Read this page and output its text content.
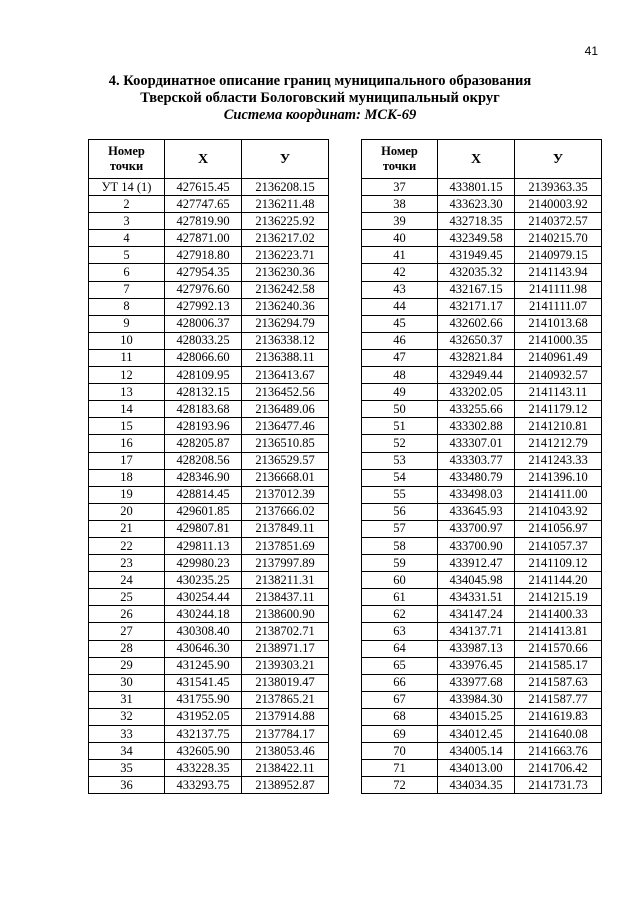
41
4. Координатное описание границ муниципального образования
Тверской области Бологовский муниципальный округ
Система координат: МСК-69
Номер
точки	X	У
УТ 14 (1)	427615.45	2136208.15
2	427747.65	2136211.48
3	427819.90	2136225.92
4	427871.00	2136217.02
5	427918.80	2136223.71
6	427954.35	2136230.36
7	427976.60	2136242.58
8	427992.13	2136240.36
9	428006.37	2136294.79
10	428033.25	2136338.12
11	428066.60	2136388.11
12	428109.95	2136413.67
13	428132.15	2136452.56
14	428183.68	2136489.06
15	428193.96	2136477.46
16	428205.87	2136510.85
17	428208.56	2136529.57
18	428346.90	2136668.01
19	428814.45	2137012.39
20	429601.85	2137666.02
21	429807.81	2137849.11
22	429811.13	2137851.69
23	429980.23	2137997.89
24	430235.25	2138211.31
25	430254.44	2138437.11
26	430244.18	2138600.90
27	430308.40	2138702.71
28	430646.30	2138971.17
29	431245.90	2139303.21
30	431541.45	2138019.47
31	431755.90	2137865.21
32	431952.05	2137914.88
33	432137.75	2137784.17
34	432605.90	2138053.46
35	433228.35	2138422.11
36	433293.75	2138952.87
Номер
точки	X	У
37	433801.15	2139363.35
38	433623.30	2140003.92
39	432718.35	2140372.57
40	432349.58	2140215.70
41	431949.45	2140979.15
42	432035.32	2141143.94
43	432167.15	2141111.98
44	432171.17	2141111.07
45	432602.66	2141013.68
46	432650.37	2141000.35
47	432821.84	2140961.49
48	432949.44	2140932.57
49	433202.05	2141143.11
50	433255.66	2141179.12
51	433302.88	2141210.81
52	433307.01	2141212.79
53	433303.77	2141243.33
54	433480.79	2141396.10
55	433498.03	2141411.00
56	433645.93	2141043.92
57	433700.97	2141056.97
58	433700.90	2141057.37
59	433912.47	2141109.12
60	434045.98	2141144.20
61	434331.51	2141215.19
62	434147.24	2141400.33
63	434137.71	2141413.81
64	433987.13	2141570.66
65	433976.45	2141585.17
66	433977.68	2141587.63
67	433984.30	2141587.77
68	434015.25	2141619.83
69	434012.45	2141640.08
70	434005.14	2141663.76
71	434013.00	2141706.42
72	434034.35	2141731.73
